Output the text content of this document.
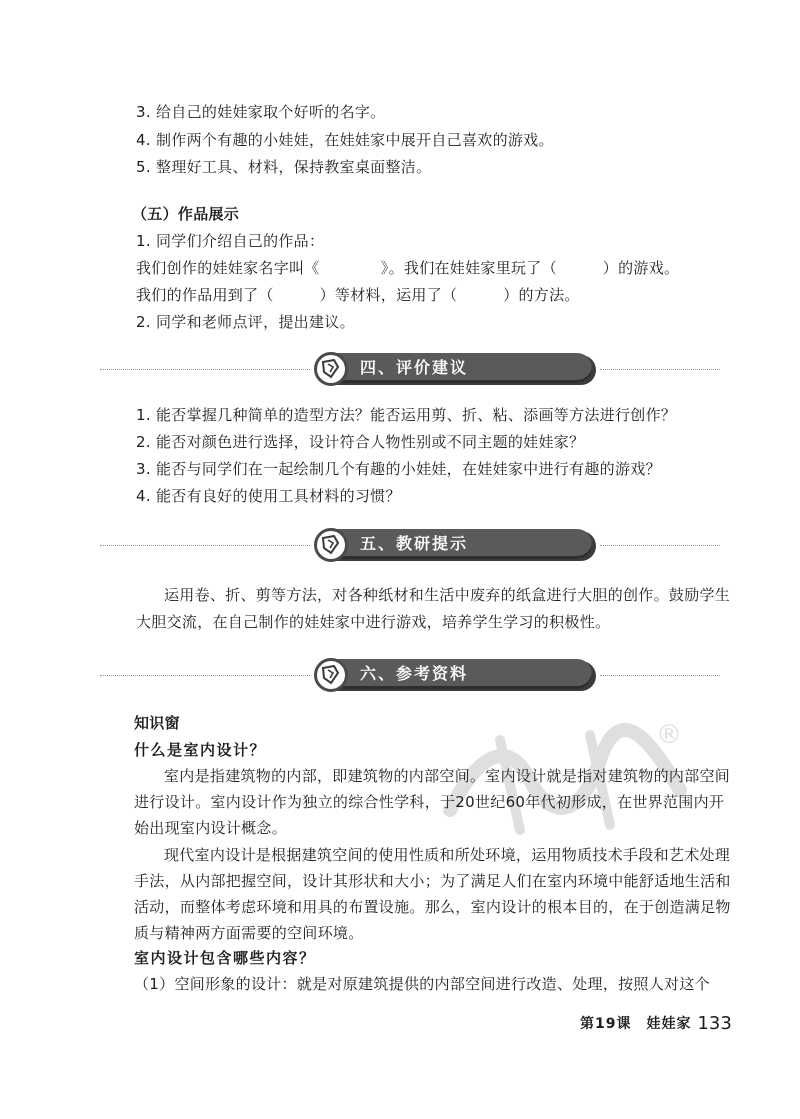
3. 给自己的娃娃家取个好听的名字。
4. 制作两个有趣的小娃娃，在娃娃家中展开自己喜欢的游戏。
5. 整理好工具、材料，保持教室桌面整洁。
（五）作品展示
1. 同学们介绍自己的作品：
我们创作的娃娃家名字叫《　　　　》。我们在娃娃家里玩了（　　　）的游戏。
我们的作品用到了（　　　）等材料，运用了（　　　）的方法。
2. 同学和老师点评，提出建议。
四、评价建议
1. 能否掌握几种简单的造型方法？能否运用剪、折、粘、添画等方法进行创作？
2. 能否对颜色进行选择，设计符合人物性别或不同主题的娃娃家？
3. 能否与同学们在一起绘制几个有趣的小娃娃，在娃娃家中进行有趣的游戏？
4. 能否有良好的使用工具材料的习惯？
五、教研提示
运用卷、折、剪等方法，对各种纸材和生活中废弃的纸盒进行大胆的创作。鼓励学生
大胆交流，在自己制作的娃娃家中进行游戏，培养学生学习的积极性。
六、参考资料
®
知识窗
什么是室内设计？
室内是指建筑物的内部，即建筑物的内部空间。室内设计就是指对建筑物的内部空间
进行设计。室内设计作为独立的综合性学科，于20世纪60年代初形成，在世界范围内开
始出现室内设计概念。
现代室内设计是根据建筑空间的使用性质和所处环境，运用物质技术手段和艺术处理
手法，从内部把握空间，设计其形状和大小；为了满足人们在室内环境中能舒适地生活和
活动，而整体考虑环境和用具的布置设施。那么，室内设计的根本目的，在于创造满足物
质与精神两方面需要的空间环境。
室内设计包含哪些内容？
（1）空间形象的设计：就是对原建筑提供的内部空间进行改造、处理，按照人对这个
第19课　娃娃家 133
